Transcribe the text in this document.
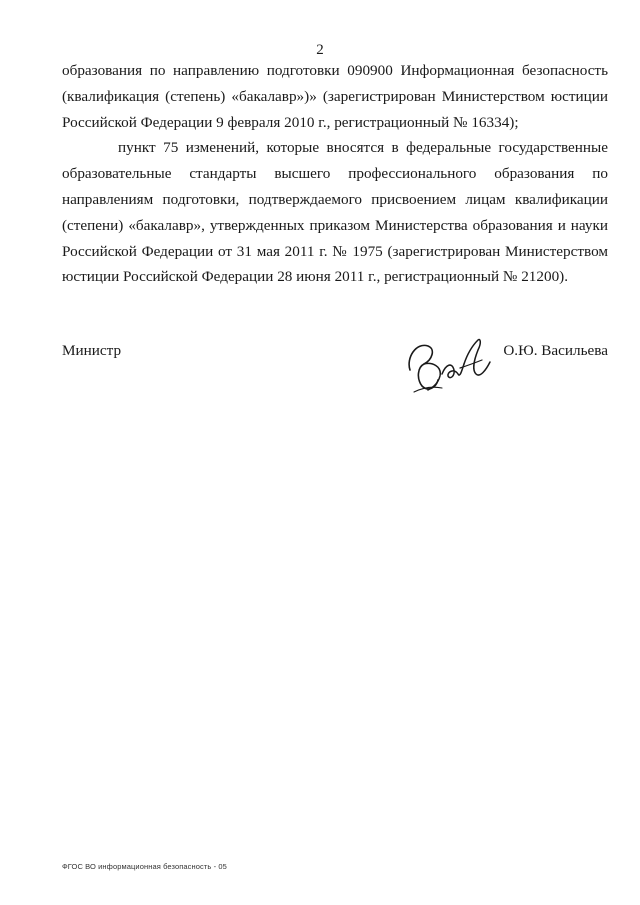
2

образования по направлению подготовки 090900 Информационная безопасность (квалификация (степень) «бакалавр»)» (зарегистрирован Министерством юстиции Российской Федерации 9 февраля 2010 г., регистрационный № 16334);

пункт 75 изменений, которые вносятся в федеральные государственные образовательные стандарты высшего профессионального образования по направлениям подготовки, подтверждаемого присвоением лицам квалификации (степени) «бакалавр», утвержденных приказом Министерства образования и науки Российской Федерации от 31 мая 2011 г. № 1975 (зарегистрирован Министерством юстиции Российской Федерации 28 июня 2011 г., регистрационный № 21200).

Министр	О.Ю. Васильева
ФГОС ВО информационная безопасность - 05
